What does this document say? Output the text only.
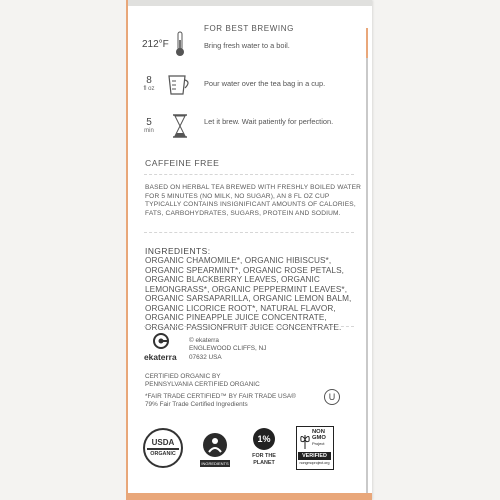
FOR BEST BREWING
212°F	Bring fresh water to a boil.
8
fl oz
Pour water over the tea bag in a cup.
5
min
Let it brew. Wait patiently for perfection.
CAFFEINE FREE
BASED ON HERBAL TEA BREWED WITH FRESHLY BOILED WATER FOR 5 MINUTES (NO MILK, NO SUGAR), AN 8 FL OZ CUP TYPICALLY CONTAINS INSIGNIFICANT AMOUNTS OF CALORIES, FATS, CARBOHYDRATES, SUGARS, PROTEIN AND SODIUM.
INGREDIENTS:
ORGANIC CHAMOMILE*, ORGANIC HIBISCUS*, ORGANIC SPEARMINT*, ORGANIC ROSE PETALS, ORGANIC BLACKBERRY LEAVES, ORGANIC LEMONGRASS*, ORGANIC PEPPERMINT LEAVES*, ORGANIC SARSAPARILLA, ORGANIC LEMON BALM, ORGANIC LICORICE ROOT*, NATURAL FLAVOR, ORGANIC PINEAPPLE JUICE CONCENTRATE, ORGANIC PASSIONFRUIT JUICE CONCENTRATE.
ekaterra
© ekaterra
ENGLEWOOD CLIFFS, NJ
07632 USA
CERTIFIED ORGANIC BY
PENNSYLVANIA CERTIFIED ORGANIC
*FAIR TRADE CERTIFIED™ BY FAIR TRADE USA®
79% Fair Trade Certified Ingredients
U
USDA
ORGANIC
INGREDIENTS
1%
FOR THE
PLANET
NON
GMO
Project
VERIFIED
nongmoproject.org
